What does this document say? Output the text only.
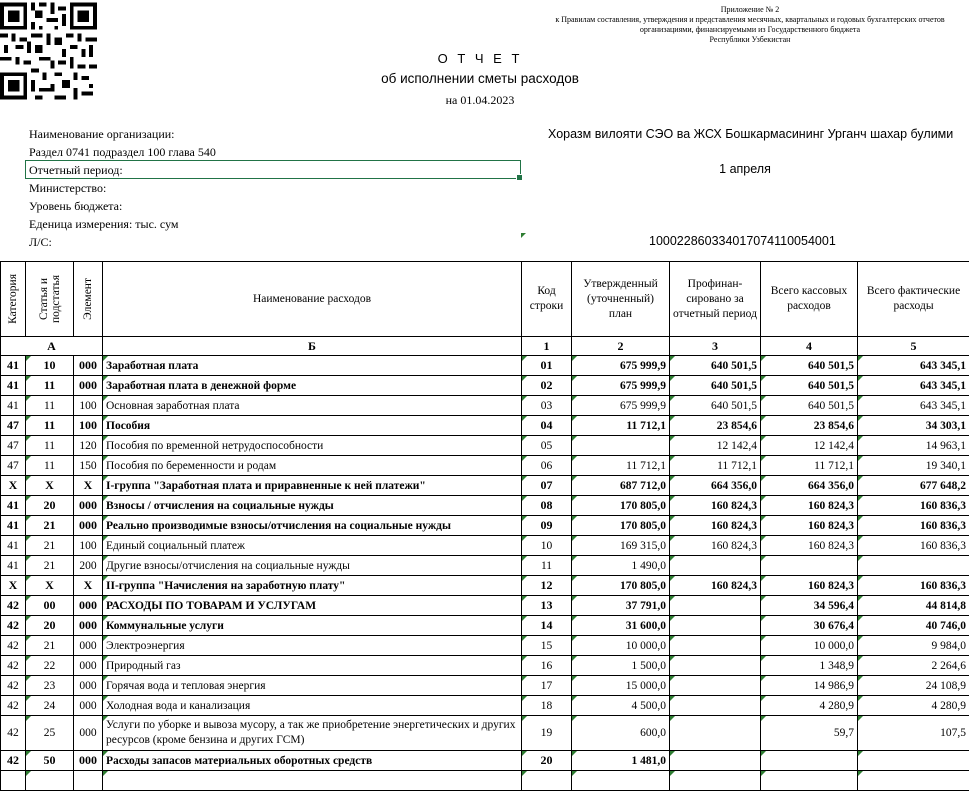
Приложение № 2
к Правилам составления, утверждения и представления месячных, квартальных и годовых бухгалтерских отчетов
организациями, финансируемыми из Государственного бюджета
Республики Узбекистан
О Т Ч Е Т
об исполнении сметы расходов
на 01.04.2023
Наименование организации:
Раздел 0741 подраздел 100 глава 540
Отчетный период:
Министерство:
Уровень бюджета:
Еденица измерения: тыс. сум
Л/С:
Хоразм вилояти СЭО ва ЖСХ Бошкармасининг Урганч шахар булими
1 апреля
100022860334017074110054001
Категория	Статья и подстатья	Элемент	Наименование расходов	Код строки	Утвержденный (уточненный) план	Профинан-сировано за отчетный период	Всего кассовых расходов	Всего фактические расходы
А			Б	1	2	3	4	5
41	10	000	Заработная плата	01	675 999,9	640 501,5	640 501,5	643 345,1
41	11	000	Заработная плата в денежной форме	02	675 999,9	640 501,5	640 501,5	643 345,1
41	11	100	Основная заработная плата	03	675 999,9	640 501,5	640 501,5	643 345,1
47	11	100	Пособия	04	11 712,1	23 854,6	23 854,6	34 303,1
47	11	120	Пособия по временной нетрудоспособности	05		12 142,4	12 142,4	14 963,1
47	11	150	Пособия по беременности и родам	06	11 712,1	11 712,1	11 712,1	19 340,1
X	X	X	I-группа "Заработная плата и приравненные к ней платежи"	07	687 712,0	664 356,0	664 356,0	677 648,2
41	20	000	Взносы / отчисления на социальные нужды	08	170 805,0	160 824,3	160 824,3	160 836,3
41	21	000	Реально производимые взносы/отчисления на социальные нужды	09	170 805,0	160 824,3	160 824,3	160 836,3
41	21	100	Единый социальный платеж	10	169 315,0	160 824,3	160 824,3	160 836,3
41	21	200	Другие взносы/отчисления на социальные нужды	11	1 490,0			
X	X	X	II-группа "Начисления на заработную плату"	12	170 805,0	160 824,3	160 824,3	160 836,3
42	00	000	РАСХОДЫ ПО ТОВАРАМ И УСЛУГАМ	13	37 791,0		34 596,4	44 814,8
42	20	000	Коммунальные услуги	14	31 600,0		30 676,4	40 746,0
42	21	000	Электроэнергия	15	10 000,0		10 000,0	9 984,0
42	22	000	Природный газ	16	1 500,0		1 348,9	2 264,6
42	23	000	Горячая вода и тепловая энергия	17	15 000,0		14 986,9	24 108,9
42	24	000	Холодная вода и канализация	18	4 500,0		4 280,9	4 280,9
42	25	000	Услуги по уборке и вывоза мусору, а так же приобретение энергетических и других ресурсов (кроме бензина и других ГСМ)	19	600,0		59,7	107,5
42	50	000	Расходы запасов материальных оборотных средств	20	1 481,0			
